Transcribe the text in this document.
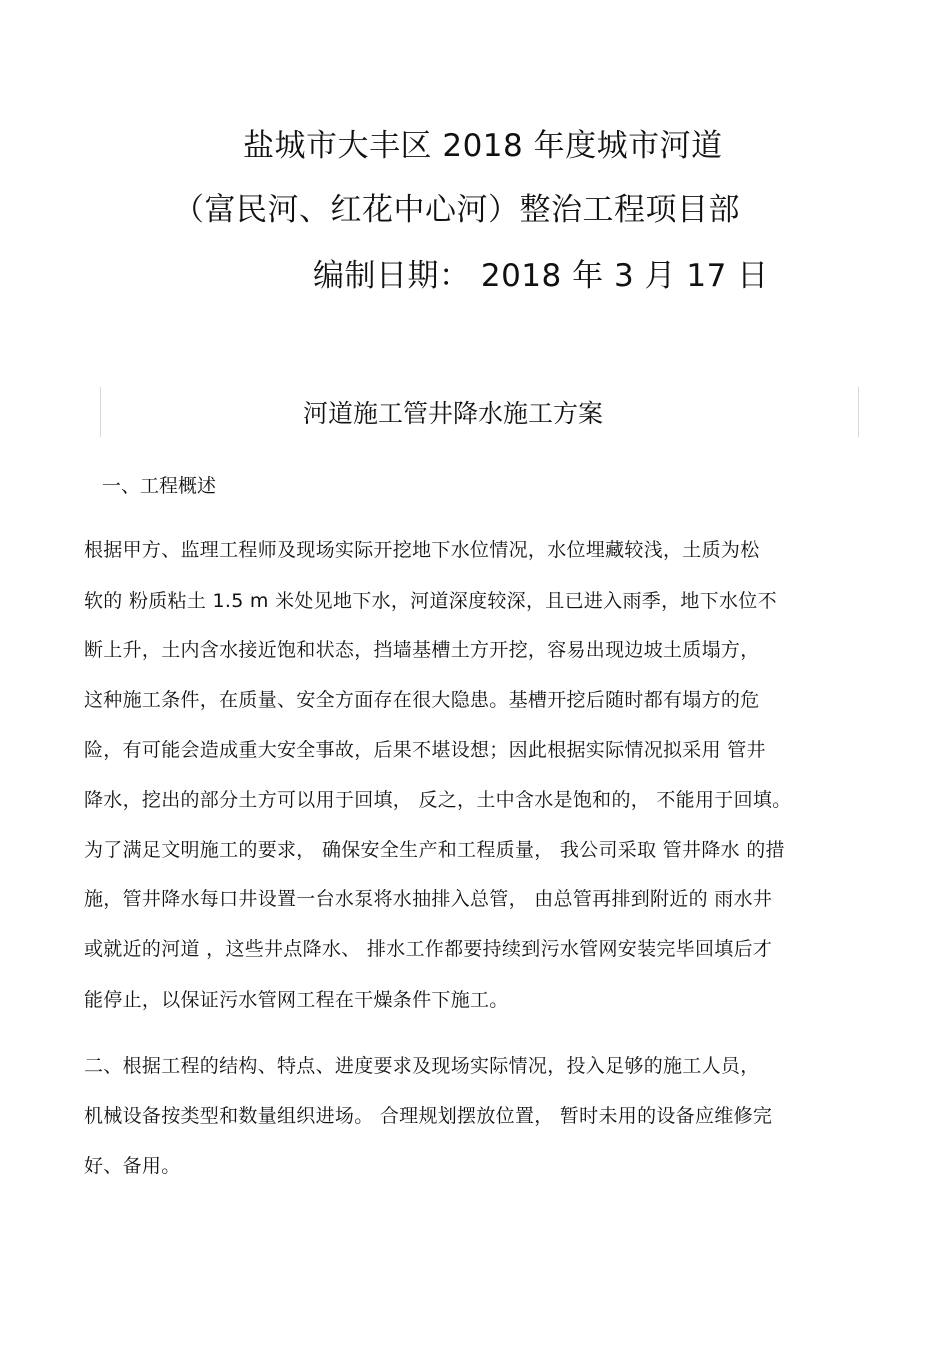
盐城市大丰区 2018 年度城市河道
（富民河、红花中心河）整治工程项目部
编制日期： 2018 年 3 月 17 日
河道施工管井降水施工方案
一、工程概述
根据甲方、监理工程师及现场实际开挖地下水位情况，水位埋藏较浅，土质为松
软的 粉质粘土 1.5 m 米处见地下水，河道深度较深，且已进入雨季，地下水位不
断上升，土内含水接近饱和状态，挡墙基槽土方开挖，容易出现边坡土质塌方，
这种施工条件，在质量、安全方面存在很大隐患。基槽开挖后随时都有塌方的危
险，有可能会造成重大安全事故，后果不堪设想；因此根据实际情况拟采用 管井
降水，挖出的部分土方可以用于回填， 反之，土中含水是饱和的， 不能用于回填。
为了满足文明施工的要求， 确保安全生产和工程质量， 我公司采取 管井降水 的措
施，管井降水每口井设置一台水泵将水抽排入总管， 由总管再排到附近的 雨水井
或就近的河道 ，这些井点降水、 排水工作都要持续到污水管网安装完毕回填后才
能停止，以保证污水管网工程在干燥条件下施工。
二、根据工程的结构、特点、进度要求及现场实际情况，投入足够的施工人员，
机械设备按类型和数量组织进场。 合理规划摆放位置， 暂时未用的设备应维修完
好、备用。
